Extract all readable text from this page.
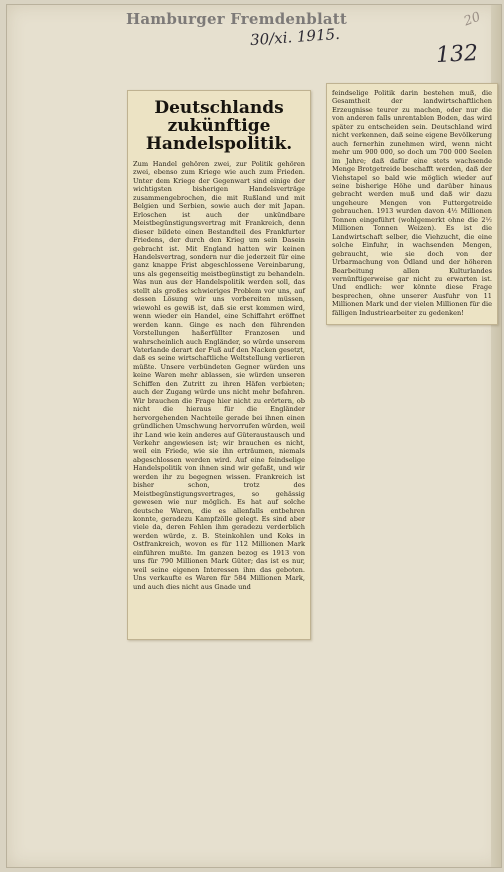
Hamburger Fremdenblatt
30/xi. 1915.
132
20
Deutschlands zukünftige Handelspolitik.
Zum Handel gehören zwei, zur Politik gehören zwei, ebenso zum Kriege wie auch zum Frieden. Unter dem Kriege der Gegenwart sind einige der wichtigsten bisherigen Handelsverträge zusammengebrochen, die mit Rußland und mit Belgien und Serbien, sowie auch der mit Japan. Erloschen ist auch der unkündbare Meistbegünstigungsvertrag mit Frankreich, denn dieser bildete einen Bestandteil des Frankfurter Friedens, der durch den Krieg um sein Dasein gebracht ist. Mit England hatten wir keinen Handelsvertrag, sondern nur die jederzeit für eine ganz knappe Frist abgeschlossene Vereinbarung, uns als gegenseitig meistbegünstigt zu behandeln. Was nun aus der Handelspolitik werden soll, das stellt als großes schwieriges Problem vor uns, auf dessen Lösung wir uns vorbereiten müssen, wiewohl es gewiß ist, daß sie erst kommen wird, wenn wieder ein Handel, eine Schiffahrt eröffnet werden kann. Ginge es nach den führenden Vorstellungen haßerfüllter Franzosen und wahrscheinlich auch Engländer, so würde unserem Vaterlande derart der Fuß auf den Nacken gesetzt, daß es seine wirtschaftliche Weltstellung verlieren müßte. Unsere verbündeten Gegner würden uns keine Waren mehr ablassen, sie würden unseren Schiffen den Zutritt zu ihren Häfen verbieten; auch der Zugang würde uns nicht mehr befahren. Wir brauchen die Frage hier nicht zu erörtern, ob nicht die hieraus für die Engländer hervorgehenden Nachteile gerade bei ihnen einen gründlichen Umschwung hervorrufen würden, weil ihr Land wie kein anderes auf Güteraustausch und Verkehr angewiesen ist; wir brauchen es nicht, weil ein Friede, wie sie ihn erträumen, niemals abgeschlossen werden wird. Auf eine feindselige Handelspolitik von ihnen sind wir gefaßt, und wir werden ihr zu begegnen wissen. Frankreich ist bisher schon, trotz des Meistbegünstigungsvertrages, so gehässig gewesen wie nur möglich. Es hat auf solche deutsche Waren, die es allenfalls entbehren konnte, geradezu Kampfzölle gelegt. Es sind aber viele da, deren Fehlen ihm geradezu verderblich werden würde, z. B. Steinkohlen und Koks in Ostfrankreich, wovon es für 112 Millionen Mark einführen mußte. Im ganzen bezog es 1913 von uns für 790 Millionen Mark Güter; das ist es nur, weil seine eigenen Interessen ihm das geboten. Uns verkaufte es Waren für 584 Millionen Mark, und auch dies nicht aus Gnade und
feindselige Politik darin bestehen muß, die Gesamtheit der landwirtschaftlichen Erzeugnisse teurer zu machen, oder nur die von anderen falls unrentablen Boden, das wird später zu entscheiden sein. Deutschland wird nicht verkennen, daß seine eigene Bevölkerung auch fernerhin zunehmen wird, wenn nicht mehr um 900 000, so doch um 700 000 Seelen im Jahre; daß dafür eine stets wachsende Menge Brotgetreide beschafft werden, daß der Viehstapel so bald wie möglich wieder auf seine bisherige Höhe und darüber hinaus gebracht werden muß und daß wir dazu ungeheure Mengen von Futtergetreide gebrauchen. 1913 wurden davon 4½ Millionen Tonnen eingeführt (wohlgemerkt ohne die 2½ Millionen Tonnen Weizen). Es ist die Landwirtschaft selber, die Viehzucht, die eine solche Einfuhr, in wachsenden Mengen, gebraucht, wie sie doch von der Urbarmachung von Ödland und der höheren Bearbeitung allen Kulturlandes vernünftigerweise gar nicht zu erwarten ist. Und endlich: wer könnte diese Frage besprechen, ohne unserer Ausfuhr von 11 Millionen Mark und der vielen Millionen für die fälligen Industriearbeiter zu gedenken!
